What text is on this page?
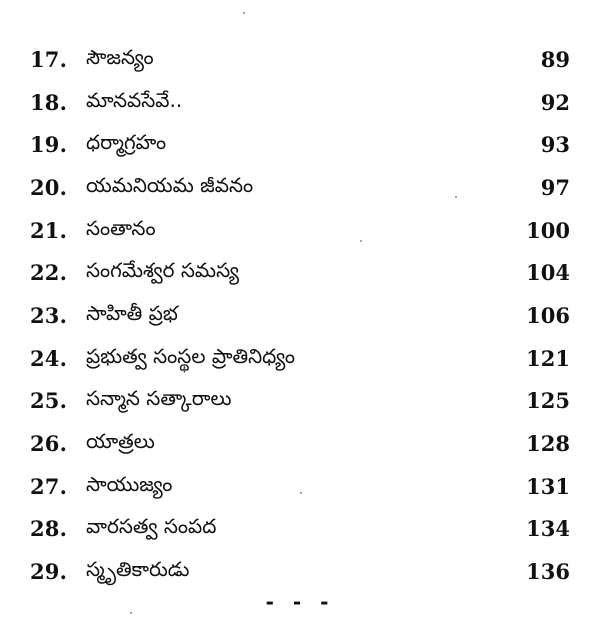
17. సౌజన్యం	89
18. మానవసేవే..	92
19. ధర్మాగ్రహం	93
20. యమనియమ జీవనం	97
21. సంతానం	100
22. సంగమేశ్వర సమస్య	104
23. సాహితీ ప్రభ	106
24. ప్రభుత్వ సంస్థల ప్రాతినిధ్యం	121
25. సన్మాన సత్కారాలు	125
26. యాత్రలు	128
27. సాయుజ్యం	131
28. వారసత్వ సంపద	134
29. స్మృతికారుడు	136
- - -
